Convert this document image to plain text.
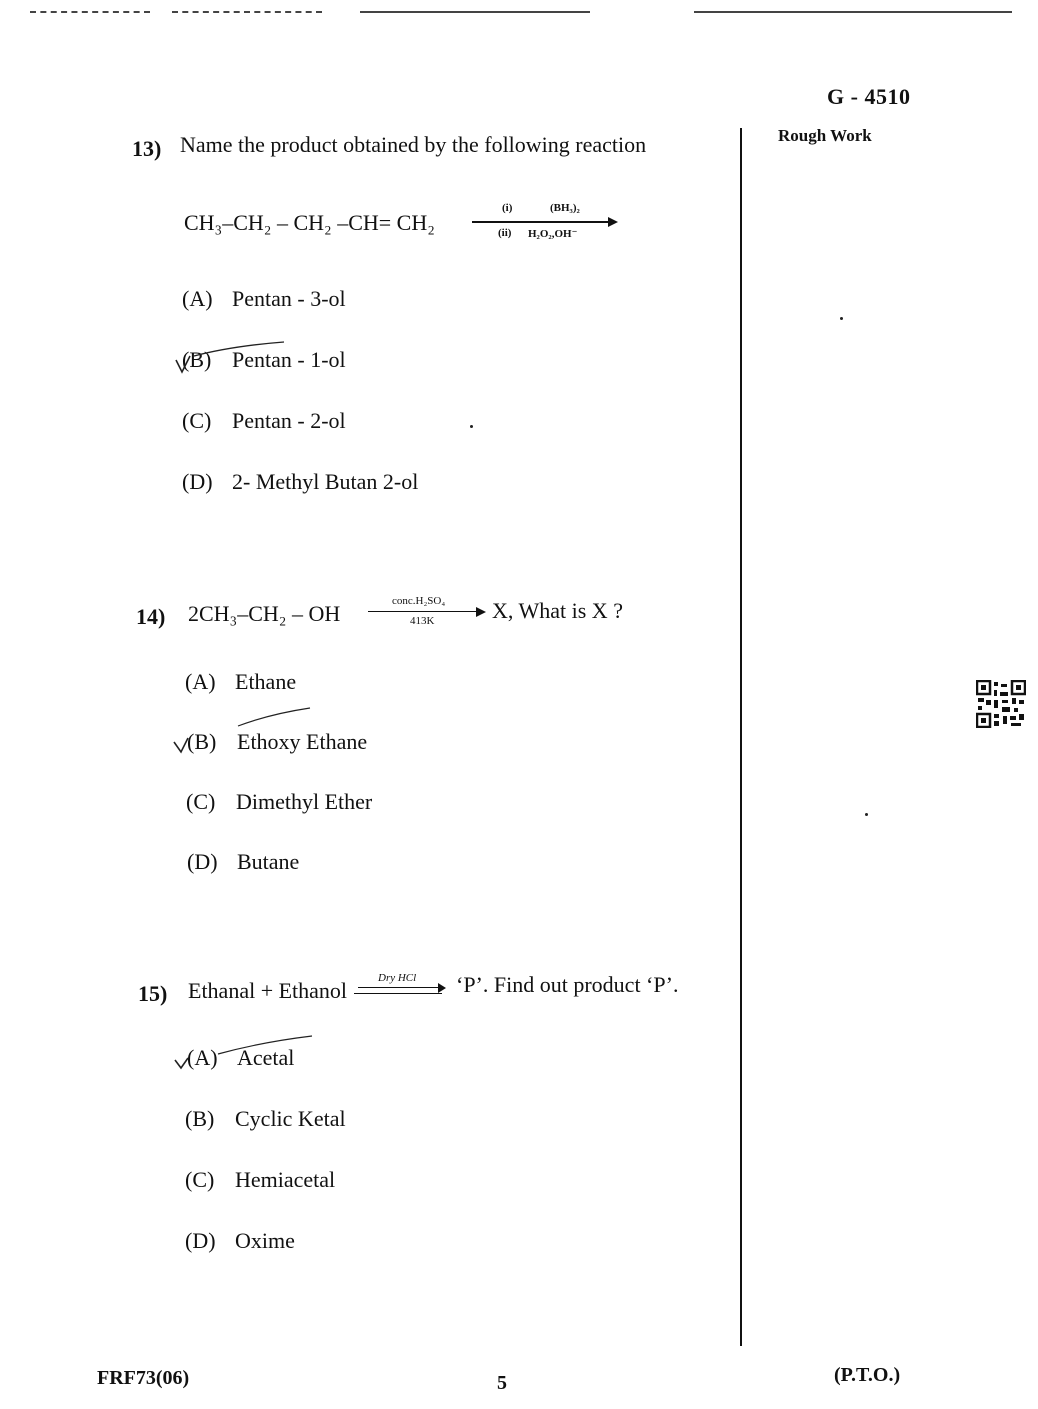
G - 4510
Rough Work
13) Name the product obtained by the following reaction
CH₃–CH₂ – CH₂ –CH= CH₂
(i)	(BH₃)₂
(ii) H₂O₂,OH⁻
(A) Pentan - 3-ol
(B) Pentan - 1-ol
(C) Pentan - 2-ol
(D) 2- Methyl Butan 2-ol
14) 2CH₃–CH₂ – OH	conc.H₂SO₄
413K	X, What is X ?
(A) Ethane
(B) Ethoxy Ethane
(C) Dimethyl Ether
(D) Butane
15) Ethanal + Ethanol	Dry HCl ‘P’. Find out product ‘P’.
(A) Acetal
(B) Cyclic Ketal
(C) Hemiacetal
(D) Oxime
FRF73(06)	5	(P.T.O.)
